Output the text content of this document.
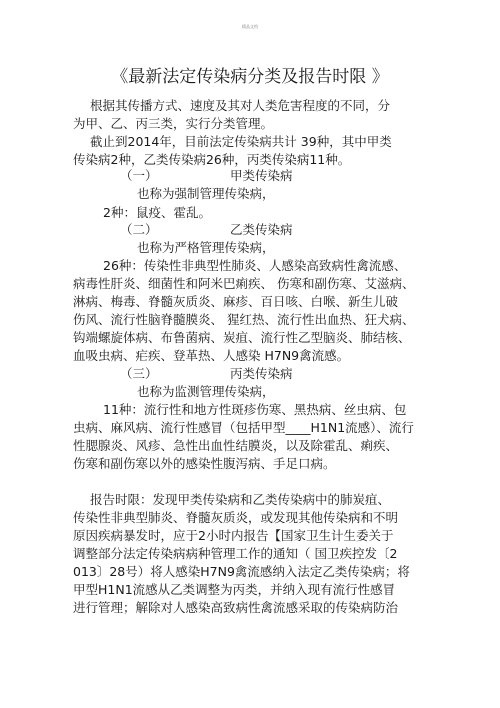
精品文档
《最新法定传染病分类及报告时限 》
根据其传播方式、速度及其对人类危害程度的不同，分
为甲、乙、丙三类，实行分类管理。
截止到2014年，目前法定传染病共计 39种，其中甲类
传染病2种，乙类传染病26种，丙类传染病11种。
（一）	甲类传染病
也称为强制管理传染病，
2种：鼠疫、霍乱。
（二）	乙类传染病
也称为严格管理传染病，
26种：传染性非典型性肺炎、人感染高致病性禽流感、
病毒性肝炎、细菌性和阿米巴痢疾、 伤寒和副伤寒、艾滋病、
淋病、梅毒、脊髓灰质炎、麻疹、百日咳、白喉、新生儿破
伤风、流行性脑脊髓膜炎、 猩红热、流行性出血热、狂犬病、
钩端螺旋体病、布鲁菌病、炭疽、流行性乙型脑炎、肺结核、
血吸虫病、疟疾、登革热、人感染 H7N9禽流感。
（三）	丙类传染病
也称为监测管理传染病，
11种：流行性和地方性斑疹伤寒、黑热病、丝虫病、包
虫病、麻风病、流行性感冒（包括甲型____H1N1流感）、流行
性腮腺炎、风疹、急性出血性结膜炎，以及除霍乱、痢疾、
伤寒和副伤寒以外的感染性腹泻病、手足口病。
报告时限：发现甲类传染病和乙类传染病中的肺炭疽、
传染性非典型肺炎、脊髓灰质炎，或发现其他传染病和不明
原因疾病暴发时，应于2小时内报告【国家卫生计生委关于
调整部分法定传染病病种管理工作的通知（ 国卫疾控发〔2
013〕28号）将人感染H7N9禽流感纳入法定乙类传染病；将
甲型H1N1流感从乙类调整为丙类，并纳入现有流行性感冒
进行管理；解除对人感染高致病性禽流感采取的传染病防治
